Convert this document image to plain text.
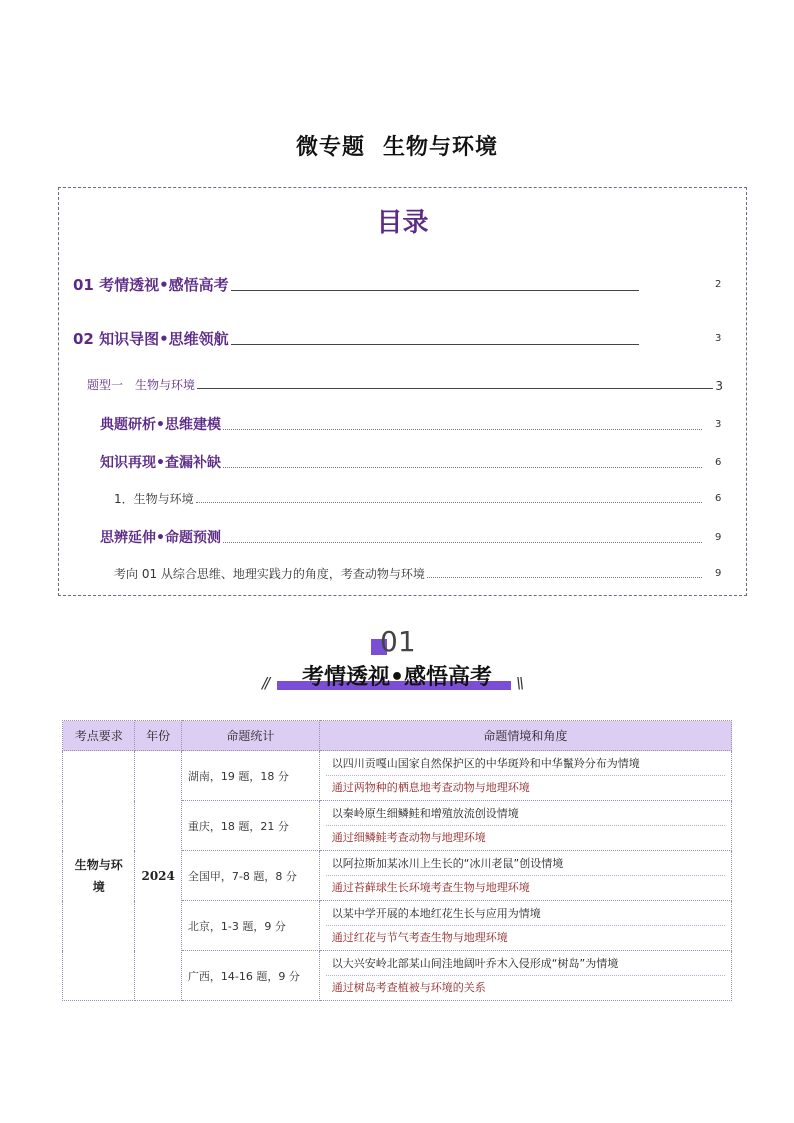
微专题 生物与环境
目录
01 考情透视•感悟高考	2
02 知识导图•思维领航	3
题型一　生物与环境	3
典题研析•思维建模	3
知识再现•查漏补缺	6
1．生物与环境	6
思辨延伸•命题预测	9
考向 01 从综合思维、地理实践力的角度，考查动物与环境	9
01
//	考情透视•感悟高考	\\
考点要求	年份	命题统计	命题情境和角度
生物与环境	2024	湖南，19 题，18 分	以四川贡嘎山国家自然保护区的中华斑羚和中华鬣羚分布为情境
通过两物种的栖息地考查动物与地理环境

		重庆，18 题，21 分	以秦岭原生细鳞鲑和增殖放流创设情境
通过细鳞鲑考查动物与地理环境

		全国甲，7-8 题，8 分	以阿拉斯加某冰川上生长的“冰川老鼠”创设情境
通过苔藓球生长环境考查生物与地理环境

		北京，1-3 题，9 分	以某中学开展的本地红花生长与应用为情境
通过红花与节气考查生物与地理环境

		广西，14-16 题，9 分	以大兴安岭北部某山间洼地阔叶乔木入侵形成“树岛”为情境
通过树岛考查植被与环境的关系
